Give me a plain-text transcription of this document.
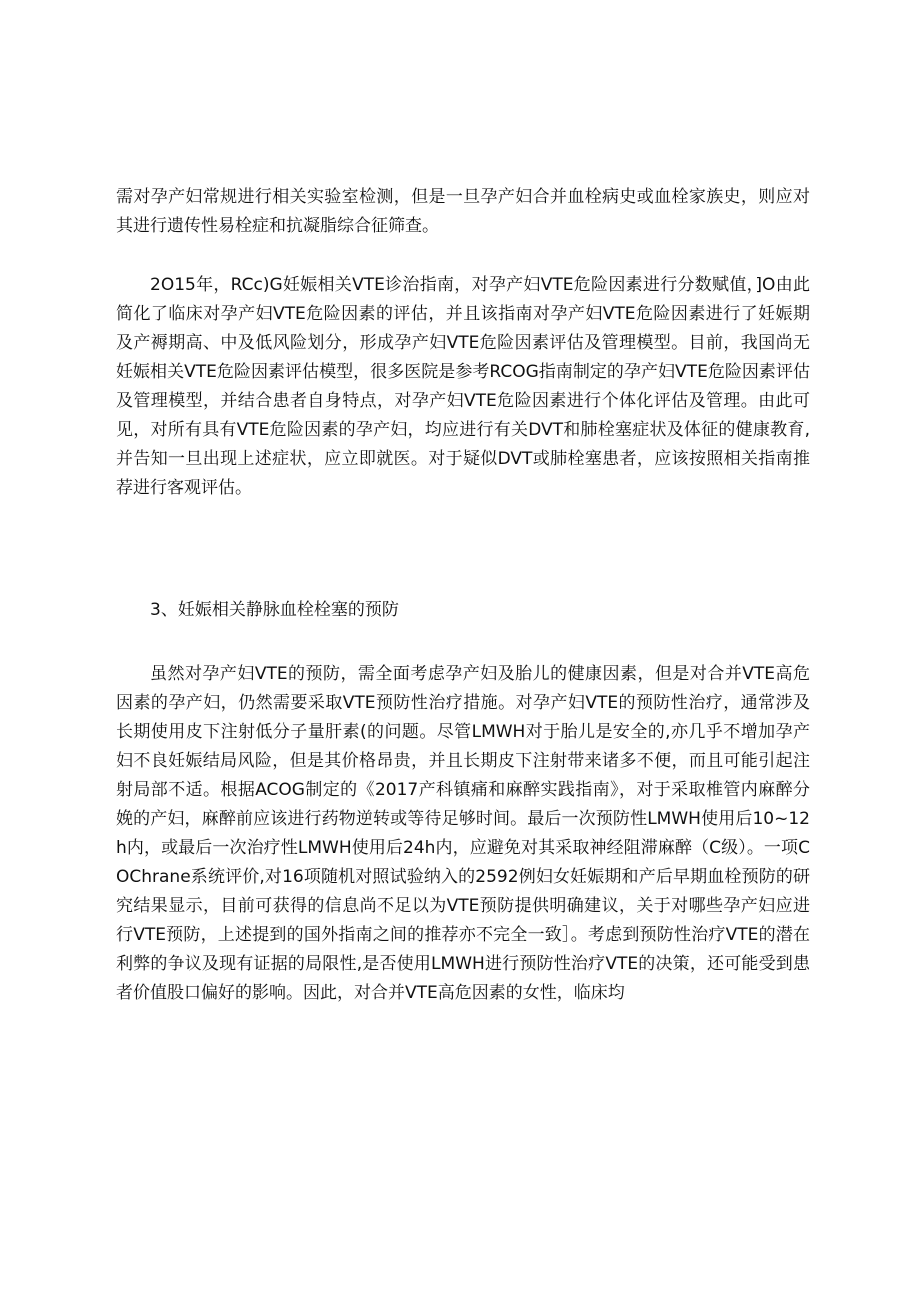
需对孕产妇常规进行相关实验室检测，但是一旦孕产妇合并血栓病史或血栓家族史，则应对其进行遗传性易栓症和抗凝脂综合征筛查。

2O15年，RCc)G妊娠相关VTE诊治指南，对孕产妇VTE危险因素进行分数赋值，]O由此简化了临床对孕产妇VTE危险因素的评估，并且该指南对孕产妇VTE危险因素进行了妊娠期及产褥期高、中及低风险划分，形成孕产妇VTE危险因素评估及管理模型。目前，我国尚无妊娠相关VTE危险因素评估模型，很多医院是参考RCOG指南制定的孕产妇VTE危险因素评估及管理模型，并结合患者自身特点，对孕产妇VTE危险因素进行个体化评估及管理。由此可见，对所有具有VTE危险因素的孕产妇，均应进行有关DVT和肺栓塞症状及体征的健康教育,并告知一旦出现上述症状，应立即就医。对于疑似DVT或肺栓塞患者，应该按照相关指南推荐进行客观评估。

3、妊娠相关静脉血栓栓塞的预防

虽然对孕产妇VTE的预防，需全面考虑孕产妇及胎儿的健康因素，但是对合并VTE高危因素的孕产妇，仍然需要采取VTE预防性治疗措施。对孕产妇VTE的预防性治疗，通常涉及长期使用皮下注射低分子量肝素(的问题。尽管LMWH对于胎儿是安全的,亦几乎不增加孕产妇不良妊娠结局风险，但是其价格昂贵，并且长期皮下注射带来诸多不便，而且可能引起注射局部不适。根据ACOG制定的《2017产科镇痛和麻醉实践指南》，对于采取椎管内麻醉分娩的产妇，麻醉前应该进行药物逆转或等待足够时间。最后一次预防性LMWH使用后10~12h内，或最后一次治疗性LMWH使用后24h内，应避免对其采取神经阻滞麻醉（C级）。一项COChrane系统评价,对16项随机对照试验纳入的2592例妇女妊娠期和产后早期血栓预防的研究结果显示，目前可获得的信息尚不足以为VTE预防提供明确建议，关于对哪些孕产妇应进行VTE预防，上述提到的国外指南之间的推荐亦不完全一致］。考虑到预防性治疗VTE的潜在利弊的争议及现有证据的局限性,是否使用LMWH进行预防性治疗VTE的决策，还可能受到患者价值股口偏好的影响。因此，对合并VTE高危因素的女性，临床均
